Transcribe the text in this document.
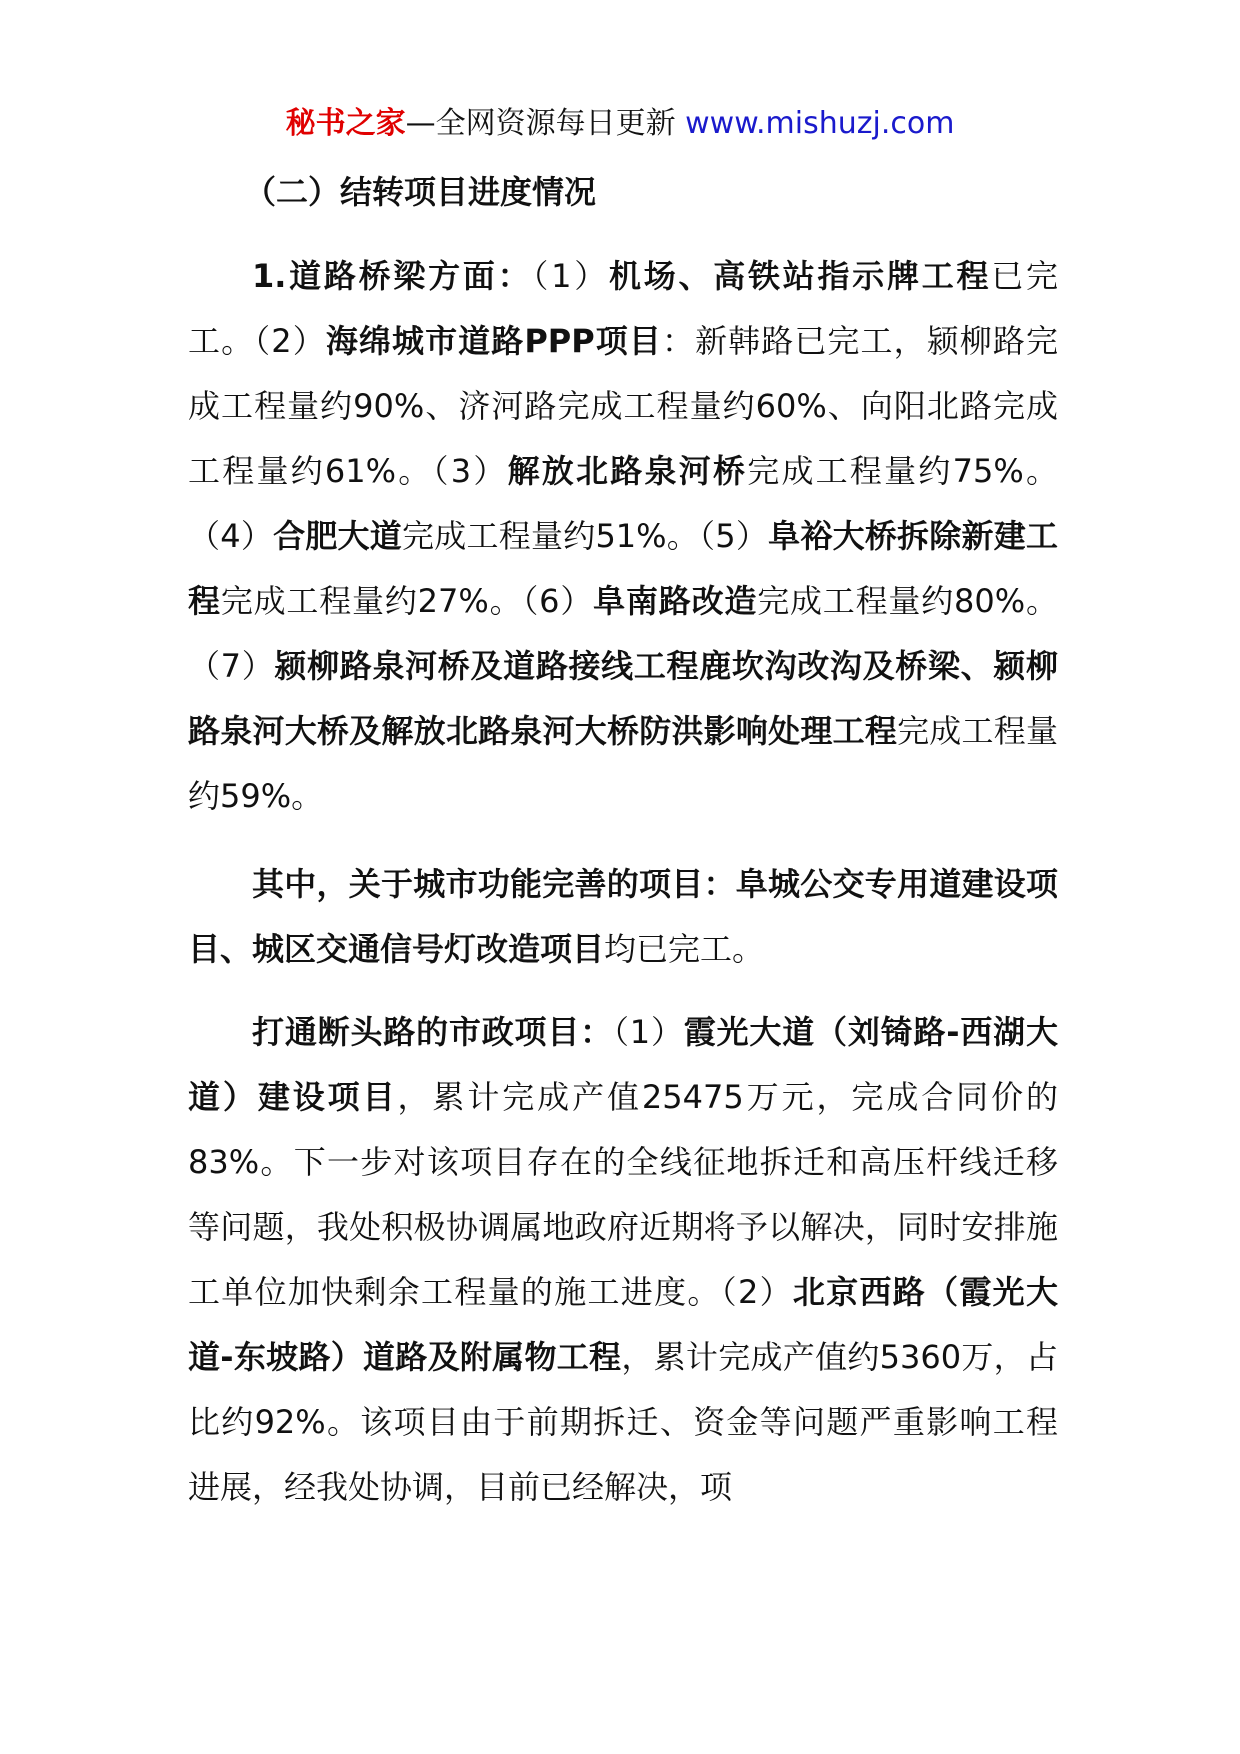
秘书之家—全网资源每日更新 www.mishuzj.com
（二）结转项目进度情况

1.道路桥梁方面：（1）机场、高铁站指示牌工程已完工。（2）海绵城市道路PPP项目：新韩路已完工，颍柳路完成工程量约90%、济河路完成工程量约60%、向阳北路完成工程量约61%。（3）解放北路泉河桥完成工程量约75%。（4）合肥大道完成工程量约51%。（5）阜裕大桥拆除新建工程完成工程量约27%。（6）阜南路改造完成工程量约80%。（7）颍柳路泉河桥及道路接线工程鹿坎沟改沟及桥梁、颍柳路泉河大桥及解放北路泉河大桥防洪影响处理工程完成工程量约59%。

其中，关于城市功能完善的项目：阜城公交专用道建设项目、城区交通信号灯改造项目均已完工。

打通断头路的市政项目：（1）霞光大道（刘锜路-西湖大道）建设项目，累计完成产值25475万元，完成合同价的83%。下一步对该项目存在的全线征地拆迁和高压杆线迁移等问题，我处积极协调属地政府近期将予以解决，同时安排施工单位加快剩余工程量的施工进度。（2）北京西路（霞光大道-东坡路）道路及附属物工程，累计完成产值约5360万，占比约92%。该项目由于前期拆迁、资金等问题严重影响工程进展，经我处协调，目前已经解决，项
